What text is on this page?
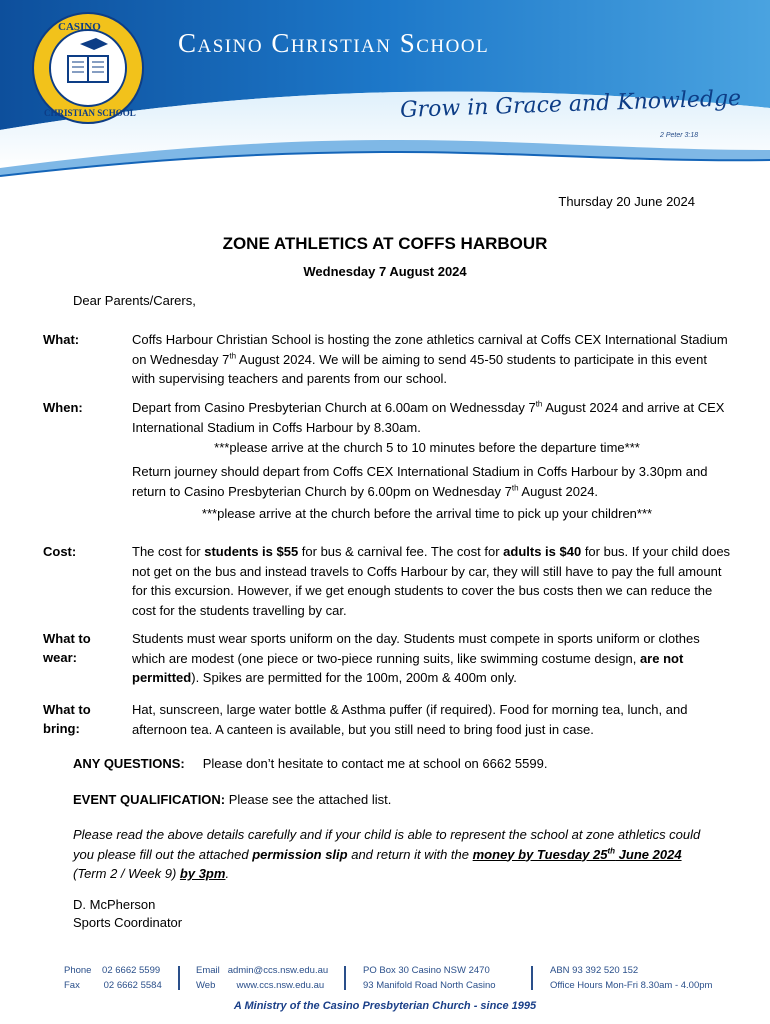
CASINO
CHRISTIAN SCHOOL
Casino Christian School
Grow in Grace and Knowledge
2 Peter 3:18
Thursday 20 June 2024
ZONE ATHLETICS AT COFFS HARBOUR
Wednesday 7 August 2024
Dear Parents/Carers,
What:	Coffs Harbour Christian School is hosting the zone athletics carnival at Coffs CEX International Stadium on Wednesday 7th August 2024. We will be aiming to send 45-50 students to participate in this event with supervising teachers and parents from our school.
When:	Depart from Casino Presbyterian Church at 6.00am on Wednessday 7th August 2024 and arrive at CEX International Stadium in Coffs Harbour by 8.30am.
***please arrive at the church 5 to 10 minutes before the departure time***
Return journey should depart from Coffs CEX International Stadium in Coffs Harbour by 3.30pm and return to Casino Presbyterian Church by 6.00pm on Wednesday 7th August 2024.
***please arrive at the church before the arrival time to pick up your children***
Cost:	The cost for students is $55 for bus & carnival fee. The cost for adults is $40 for bus. If your child does not get on the bus and instead travels to Coffs Harbour by car, they will still have to pay the full amount for this excursion. However, if we get enough students to cover the bus costs then we can reduce the cost for the students travelling by car.
What to wear:
Students must wear sports uniform on the day. Students must compete in sports uniform or clothes which are modest (one piece or two-piece running suits, like swimming costume design, are not permitted). Spikes are permitted for the 100m, 200m & 400m only.
What to bring:
Hat, sunscreen, large water bottle & Asthma puffer (if required). Food for morning tea, lunch, and afternoon tea. A canteen is available, but you still need to bring food just in case.
ANY QUESTIONS: Please don’t hesitate to contact me at school on 6662 5599.
EVENT QUALIFICATION: Please see the attached list.
Please read the above details carefully and if your child is able to represent the school at zone athletics could you please fill out the attached permission slip and return it with the money by Tuesday 25th June 2024 (Term 2 / Week 9) by 3pm.
D. McPherson
Sports Coordinator
Phone 02 6662 5599
Fax	02 6662 5584
Email admin@ccs.nsw.edu.au
Web www.ccs.nsw.edu.au
PO Box 30 Casino NSW 2470
93 Manifold Road North Casino
ABN 93 392 520 152
Office Hours Mon-Fri 8.30am - 4.00pm
A Ministry of the Casino Presbyterian Church - since 1995
